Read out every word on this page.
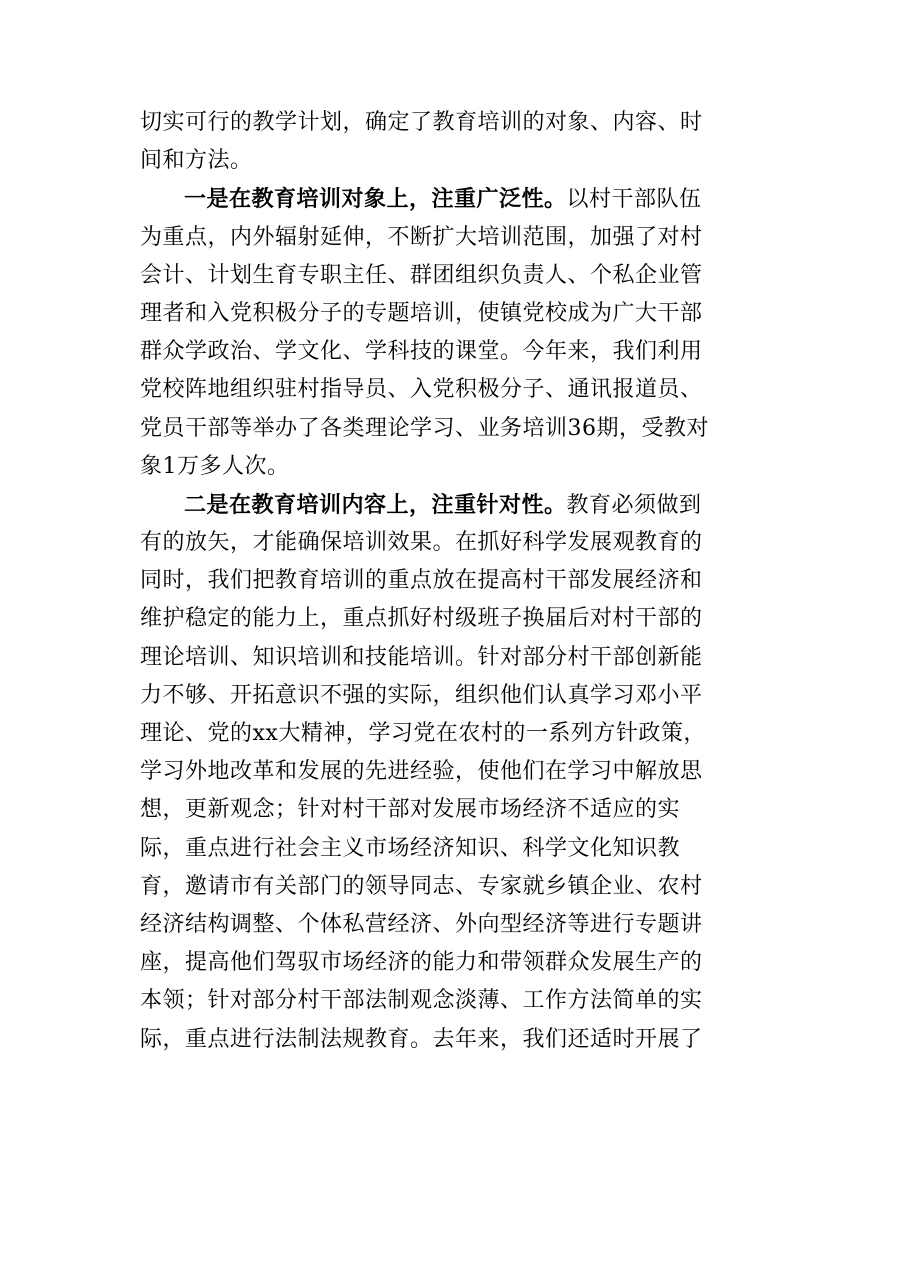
切实可行的教学计划，确定了教育培训的对象、内容、时
间和方法。
一是在教育培训对象上，注重广泛性。以村干部队伍
为重点，内外辐射延伸，不断扩大培训范围，加强了对村
会计、计划生育专职主任、群团组织负责人、个私企业管
理者和入党积极分子的专题培训，使镇党校成为广大干部
群众学政治、学文化、学科技的课堂。今年来，我们利用
党校阵地组织驻村指导员、入党积极分子、通讯报道员、
党员干部等举办了各类理论学习、业务培训36期，受教对
象1万多人次。
二是在教育培训内容上，注重针对性。教育必须做到
有的放矢，才能确保培训效果。在抓好科学发展观教育的
同时，我们把教育培训的重点放在提高村干部发展经济和
维护稳定的能力上，重点抓好村级班子换届后对村干部的
理论培训、知识培训和技能培训。针对部分村干部创新能
力不够、开拓意识不强的实际，组织他们认真学习邓小平
理论、党的xx大精神，学习党在农村的一系列方针政策，
学习外地改革和发展的先进经验，使他们在学习中解放思
想，更新观念；针对村干部对发展市场经济不适应的实
际，重点进行社会主义市场经济知识、科学文化知识教
育，邀请市有关部门的领导同志、专家就乡镇企业、农村
经济结构调整、个体私营经济、外向型经济等进行专题讲
座，提高他们驾驭市场经济的能力和带领群众发展生产的
本领；针对部分村干部法制观念淡薄、工作方法简单的实
际，重点进行法制法规教育。去年来，我们还适时开展了
